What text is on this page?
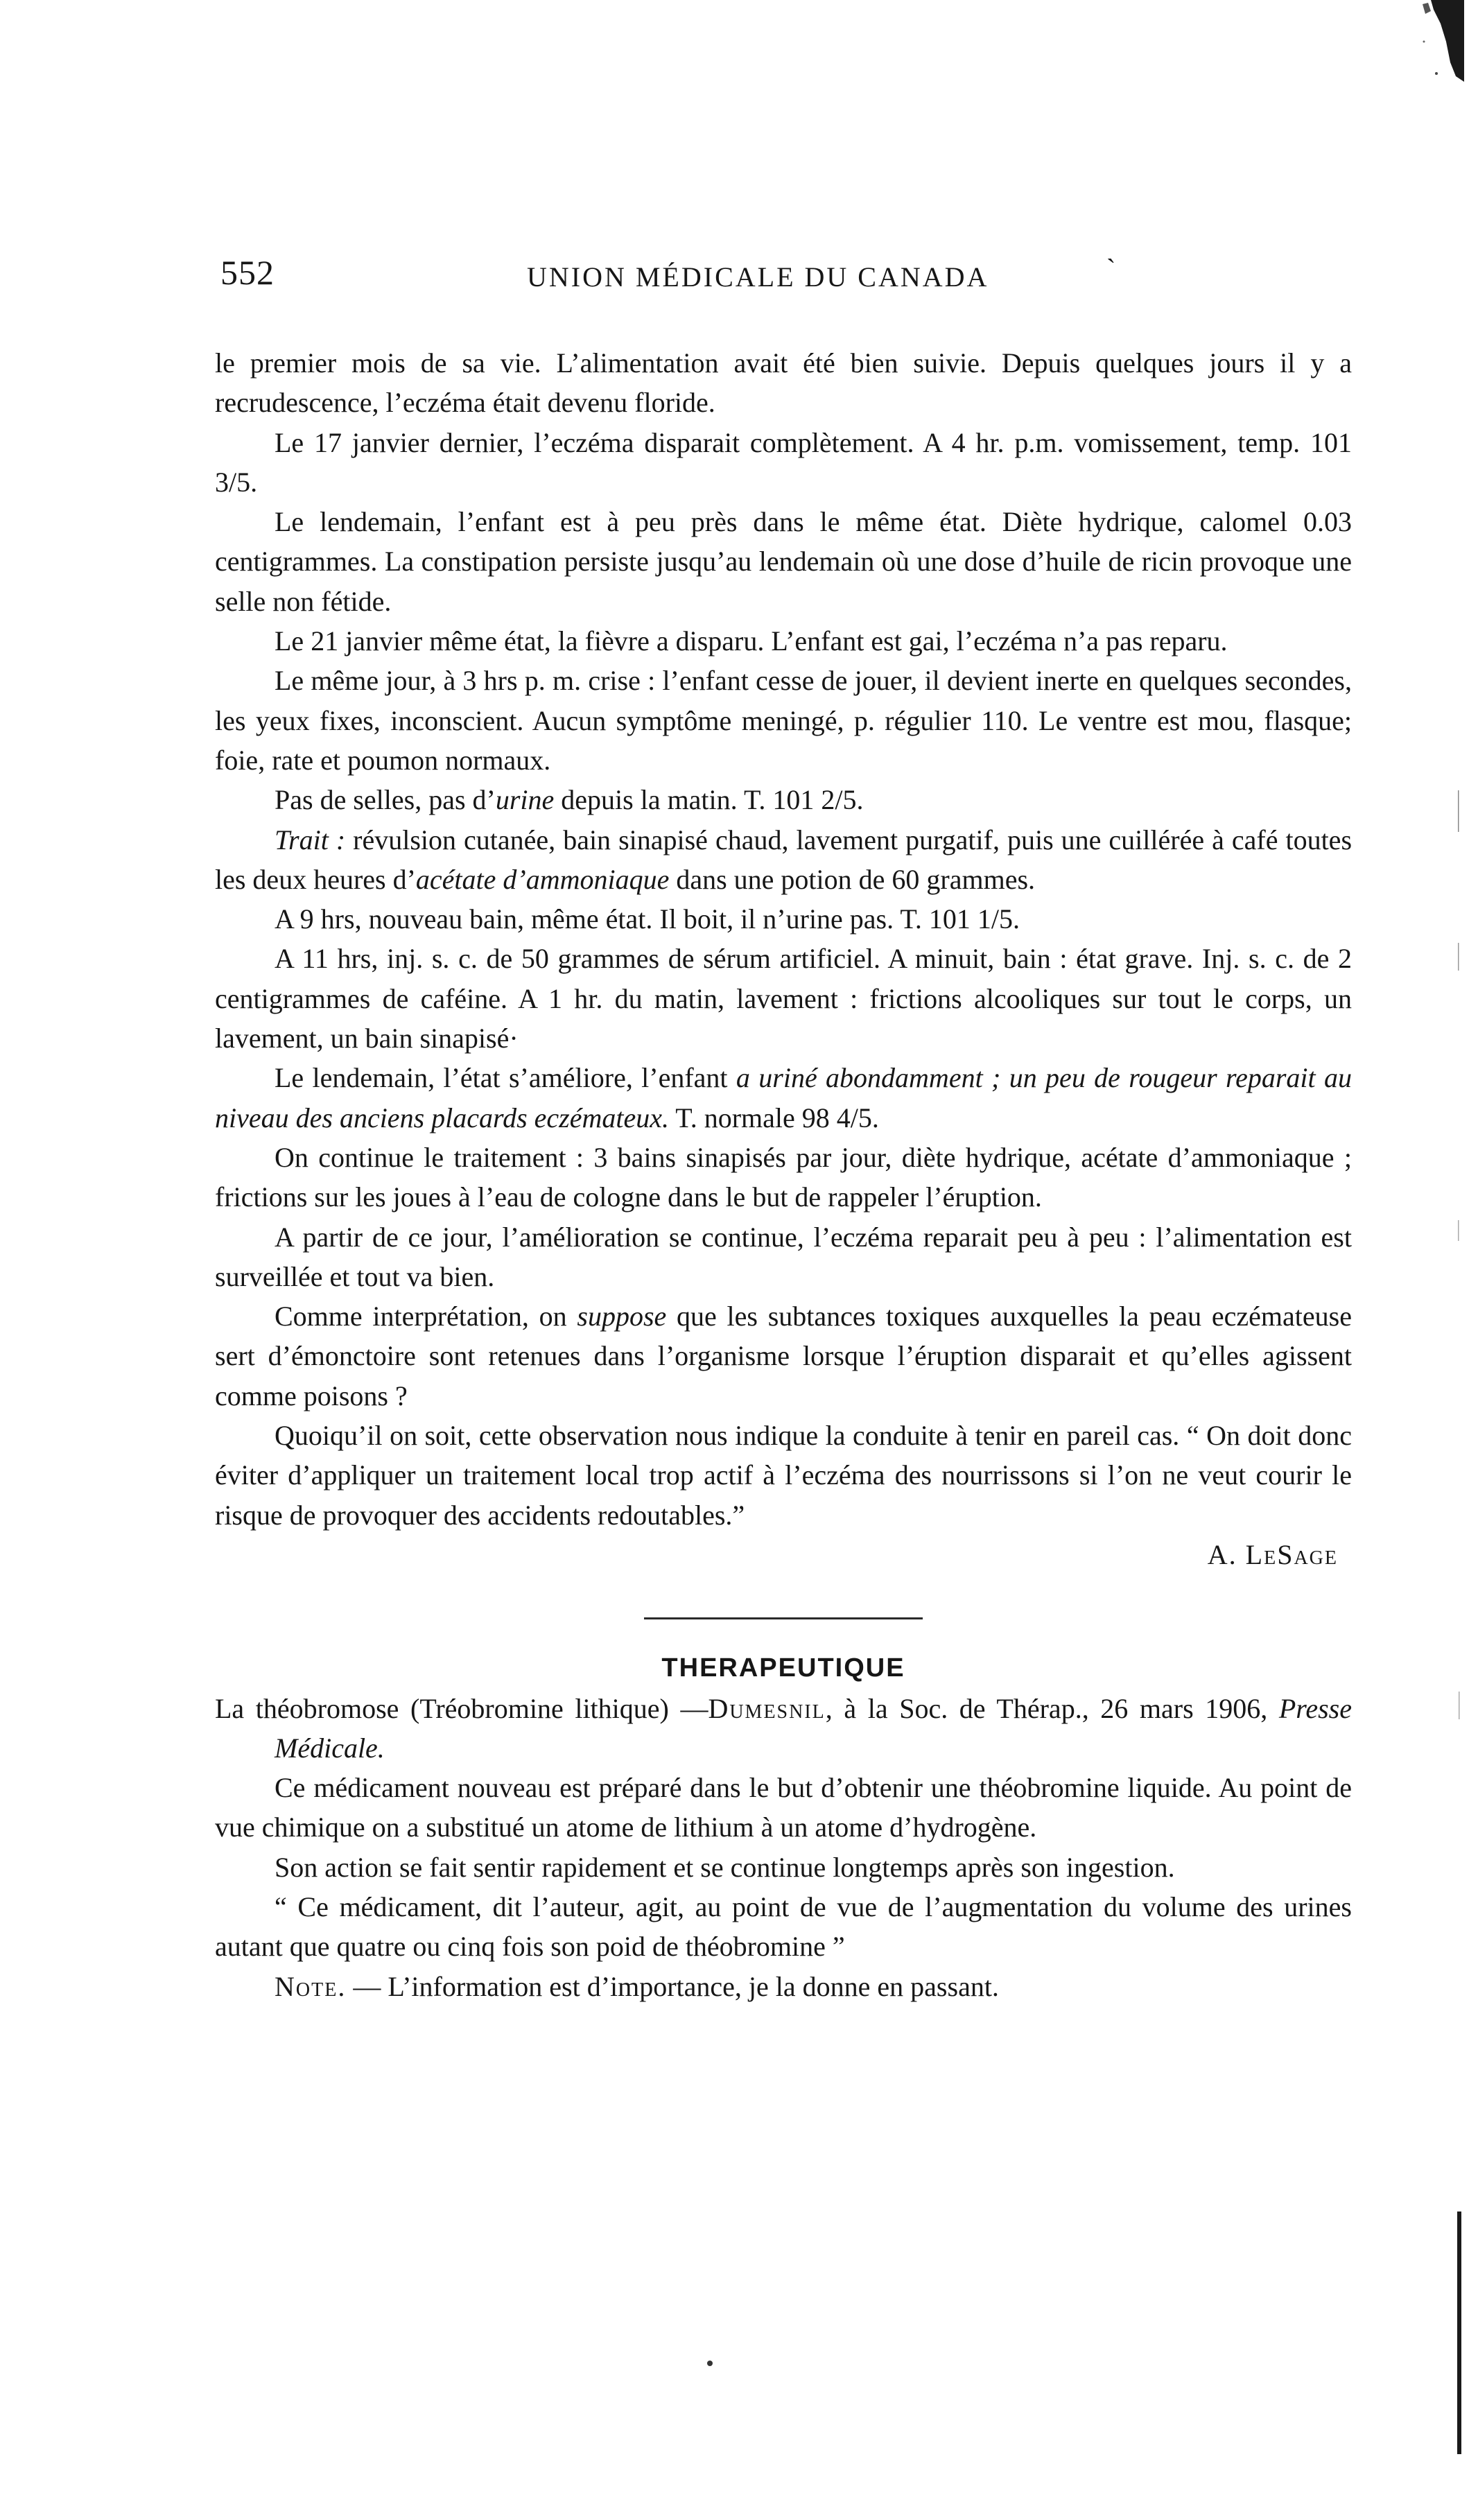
552	UNION MÉDICALE DU CANADA	`

le premier mois de sa vie. L’alimentation avait été bien suivie. Depuis quelques jours il y a recrudescence, l’eczéma était devenu floride.

Le 17 janvier dernier, l’eczéma disparait complètement. A 4 hr. p.m. vomissement, temp. 101 3/5.

Le lendemain, l’enfant est à peu près dans le même état. Diète hydrique, calomel 0.03 centigrammes. La constipation persiste jusqu’au lendemain où une dose d’huile de ricin provoque une selle non fétide.

Le 21 janvier même état, la fièvre a disparu. L’enfant est gai, l’eczéma n’a pas reparu.

Le même jour, à 3 hrs p. m. crise : l’enfant cesse de jouer, il devient inerte en quelques secondes, les yeux fixes, inconscient. Aucun symptôme meningé, p. régulier 110. Le ventre est mou, flasque; foie, rate et poumon normaux.

Pas de selles, pas d’urine depuis la matin. T. 101 2/5.

Trait : révulsion cutanée, bain sinapisé chaud, lavement purgatif, puis une cuillérée à café toutes les deux heures d’acétate d’ammoniaque dans une potion de 60 grammes.

A 9 hrs, nouveau bain, même état. Il boit, il n’urine pas. T. 101 1/5.

A 11 hrs, inj. s. c. de 50 grammes de sérum artificiel. A minuit, bain : état grave. Inj. s. c. de 2 centigrammes de caféine. A 1 hr. du matin, lavement : frictions alcooliques sur tout le corps, un lavement, un bain sinapisé·

Le lendemain, l’état s’améliore, l’enfant a uriné abondamment ; un peu de rougeur reparait au niveau des anciens placards eczémateux. T. normale 98 4/5.

On continue le traitement : 3 bains sinapisés par jour, diète hydrique, acétate d’ammoniaque ; frictions sur les joues à l’eau de cologne dans le but de rappeler l’éruption.

A partir de ce jour, l’amélioration se continue, l’eczéma reparait peu à peu : l’alimentation est surveillée et tout va bien.

Comme interprétation, on suppose que les subtances toxiques auxquelles la peau eczémateuse sert d’émonctoire sont retenues dans l’organisme lorsque l’éruption disparait et qu’elles agissent comme poisons ?

Quoiqu’il on soit, cette observation nous indique la conduite à tenir en pareil cas. “ On doit donc éviter d’appliquer un traitement local trop actif à l’eczéma des nourrissons si l’on ne veut courir le risque de provoquer des accidents redoutables.”

A. LeSage

THERAPEUTIQUE

La théobromose (Tréobromine lithique) —Dumesnil, à la Soc. de Thérap., 26 mars 1906, Presse Médicale.

Ce médicament nouveau est préparé dans le but d’obtenir une théobromine liquide. Au point de vue chimique on a substitué un atome de lithium à un atome d’hydrogène.

Son action se fait sentir rapidement et se continue longtemps après son ingestion.

“ Ce médicament, dit l’auteur, agit, au point de vue de l’augmentation du volume des urines autant que quatre ou cinq fois son poid de théobromine ”

Note. — L’information est d’importance, je la donne en passant.
